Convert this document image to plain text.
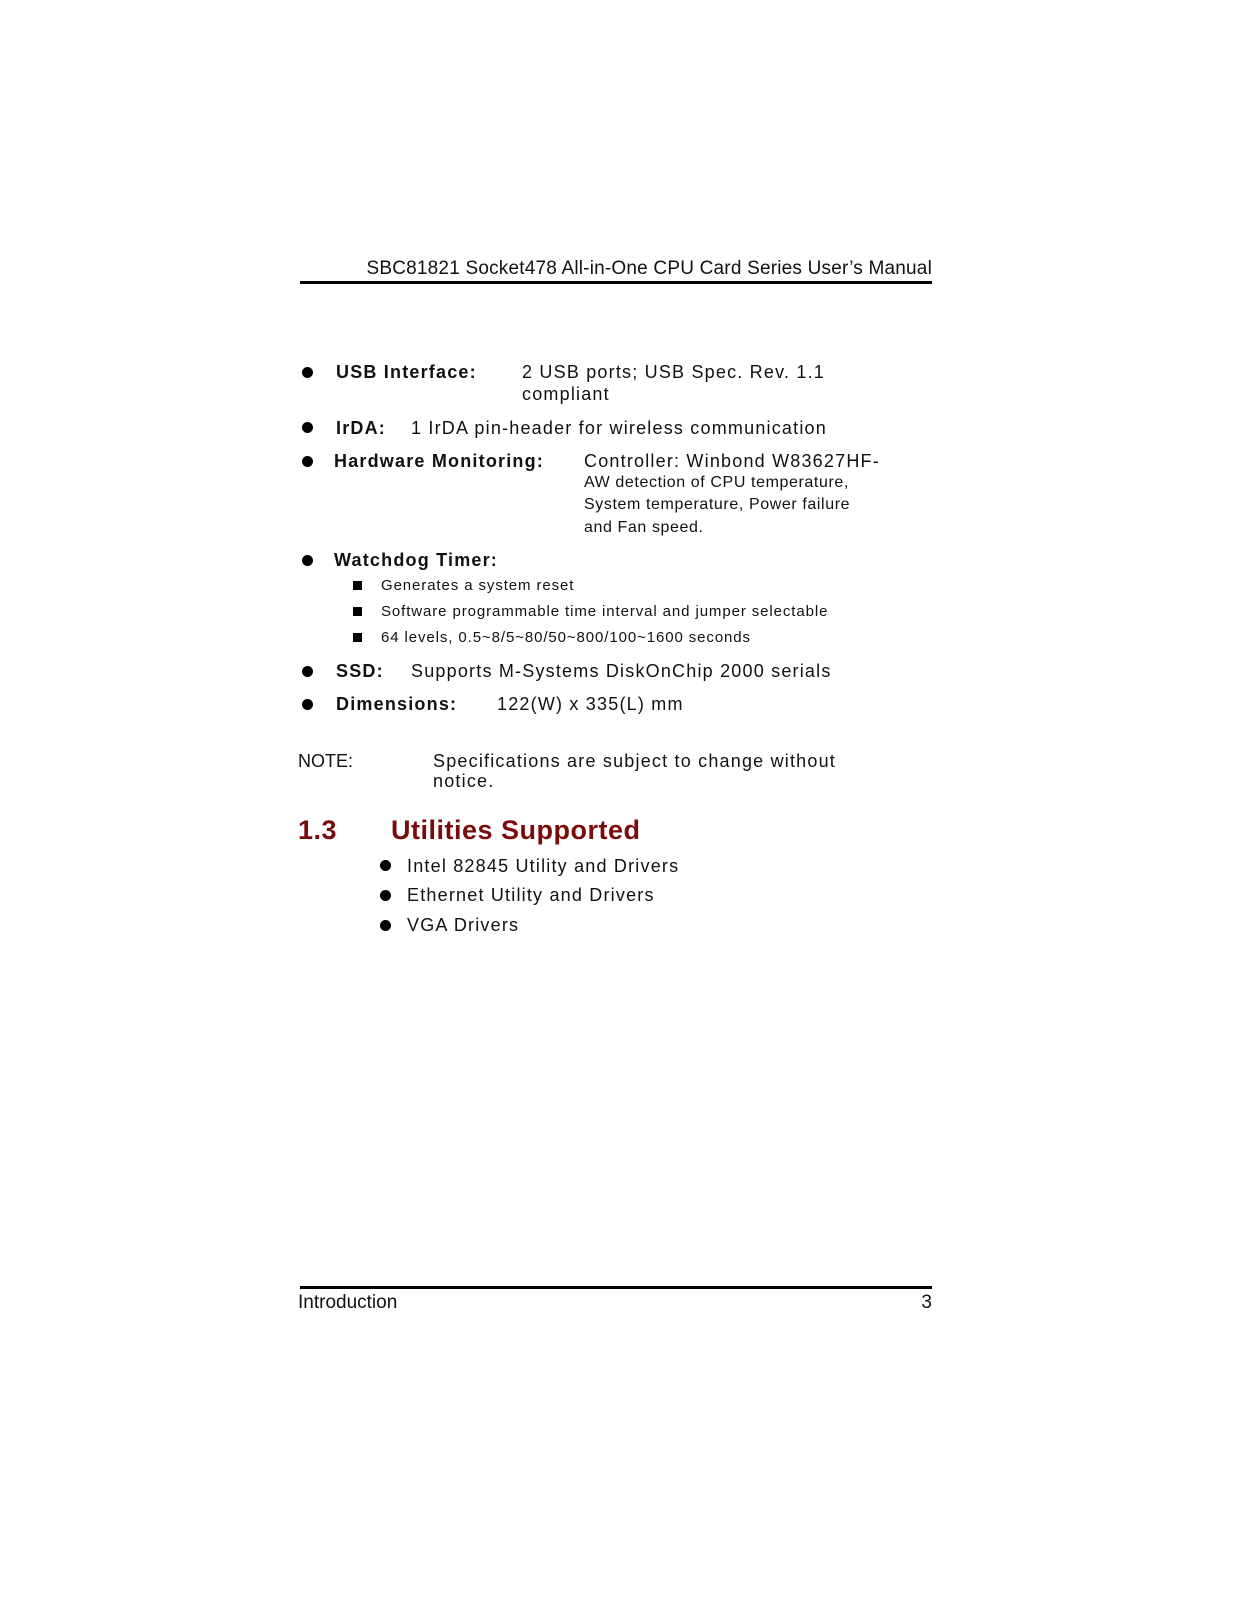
SBC81821 Socket478 All-in-One CPU Card Series User’s Manual
USB Interface:	2 USB ports; USB Spec. Rev. 1.1
compliant
IrDA: 1 IrDA pin-header for wireless communication
Hardware Monitoring: Controller: Winbond W83627HF-
AW detection of CPU temperature,
System temperature, Power failure
and Fan speed.
Watchdog Timer:
Generates a system reset
Software programmable time interval and jumper selectable
64 levels, 0.5~8/5~80/50~800/100~1600 seconds
SSD: Supports M-Systems DiskOnChip 2000 serials
Dimensions: 122(W) x 335(L) mm
NOTE:	Specifications are subject to change without
notice.
1.3 Utilities Supported
Intel 82845 Utility and Drivers
Ethernet Utility and Drivers
VGA Drivers
Introduction	3
